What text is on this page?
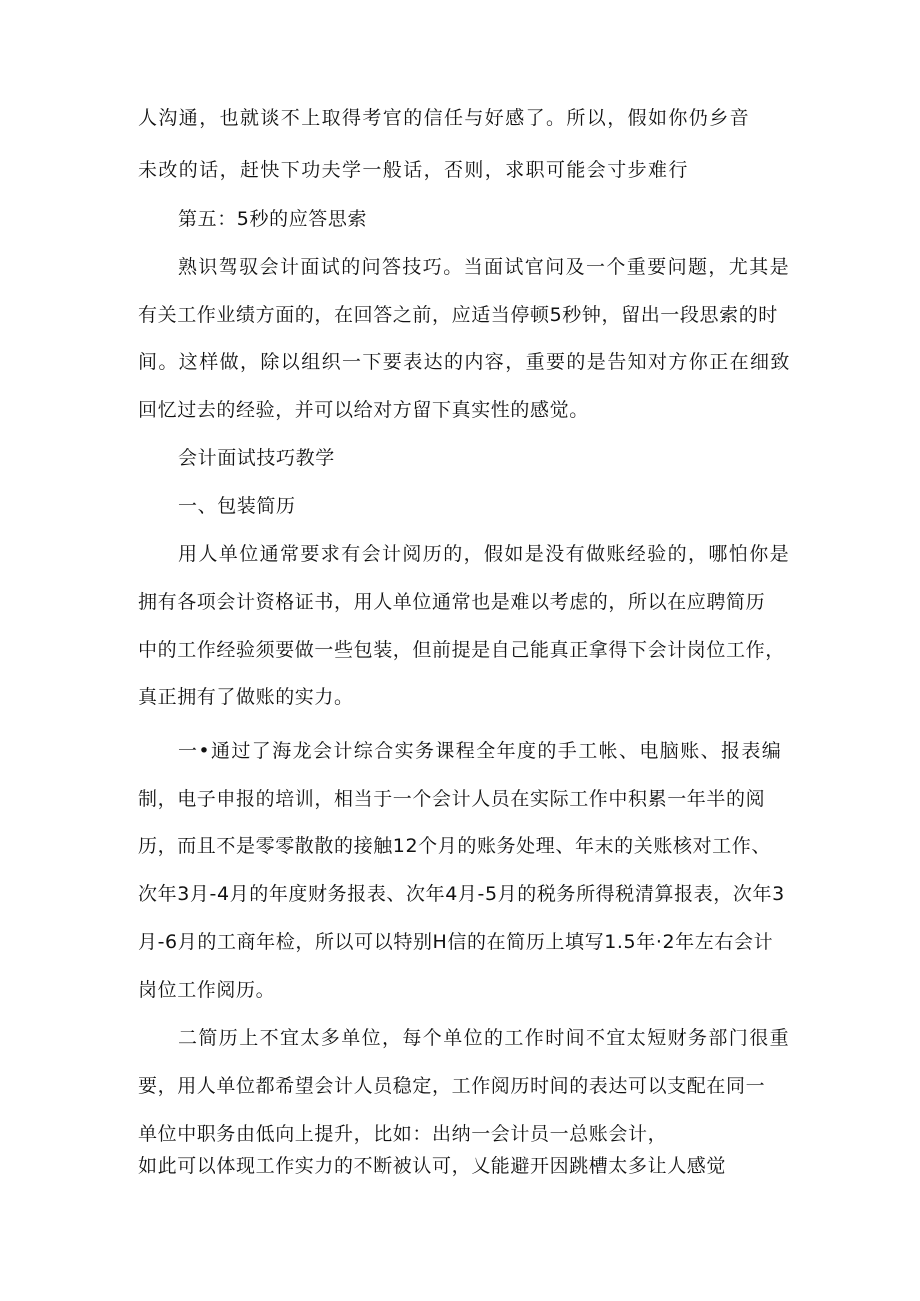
人沟通，也就谈不上取得考官的信任与好感了。所以，假如你仍乡音
未改的话，赶快下功夫学一般话，否则，求职可能会寸步难行
第五：5秒的应答思索
熟识驾驭会计面试的问答技巧。当面试官问及一个重要问题，尤其是
有关工作业绩方面的，在回答之前，应适当停顿5秒钟，留出一段思索的时
间。这样做，除以组织一下要表达的内容，重要的是告知对方你正在细致
回忆过去的经验，并可以给对方留下真实性的感觉。
会计面试技巧教学
一、包装简历
用人单位通常要求有会计阅历的，假如是没有做账经验的，哪怕你是
拥有各项会计资格证书，用人单位通常也是难以考虑的，所以在应聘简历
中的工作经验须要做一些包装，但前提是自己能真正拿得下会计岗位工作，
真正拥有了做账的实力。
一•通过了海龙会计综合实务课程全年度的手工帐、电脑账、报表编
制，电子申报的培训，相当于一个会计人员在实际工作中积累一年半的阅
历，而且不是零零散散的接触12个月的账务处理、年末的关账核对工作、
次年3月-4月的年度财务报表、次年4月-5月的税务所得税清算报表，次年3
月-6月的工商年检，所以可以特别H信的在简历上填写1.5年·2年左右会计
岗位工作阅历。
二简历上不宜太多单位，每个单位的工作时间不宜太短财务部门很重
要，用人单位都希望会计人员稳定，工作阅历时间的表达可以支配在同一
单位中职务由低向上提升，比如：出纳一会计员一总账会计，
如此可以体现工作实力的不断被认可，乂能避开因跳槽太多让人感觉
